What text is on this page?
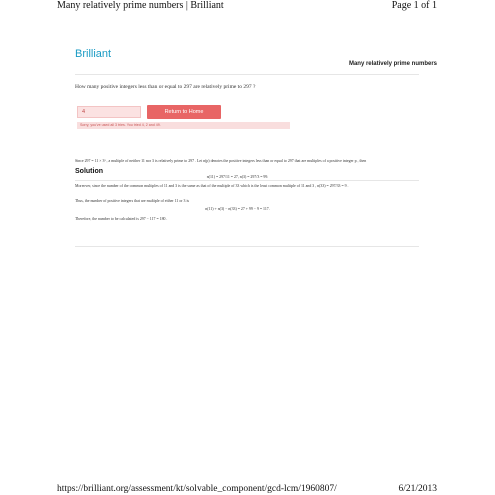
Many relatively prime numbers | Brilliant	Page 1 of 1
Brilliant
Many relatively prime numbers
How many positive integers less than or equal to 297 are relatively prime to 297 ?
4	Return to Home
Sorry, you've used all 3 tries. You tried 4, 2 and 49.
Solution
Since 297 = 11 × 3³ , a multiple of neither 11 nor 3 is relatively prime to 297 . Let n(p) denotes the positive integers less than or equal to 297 that are multiples of a positive integer p , then
n(11) = 297/11 = 27, n(3) = 297/3 = 99.
Moreover, since the number of the common multiples of 11 and 3 is the same as that of the multiple of 33 which is the least common multiple of 11 and 3 , n(33) = 297/33 = 9 .
Thus, the number of positive integers that are multiple of either 11 or 3 is
n(11) + n(3) − n(33) = 27 + 99 − 9 = 117.
Therefore, the number to be calculated is 297 − 117 = 180 .
https://brilliant.org/assessment/kt/solvable_component/gcd-lcm/1960807/	6/21/2013
